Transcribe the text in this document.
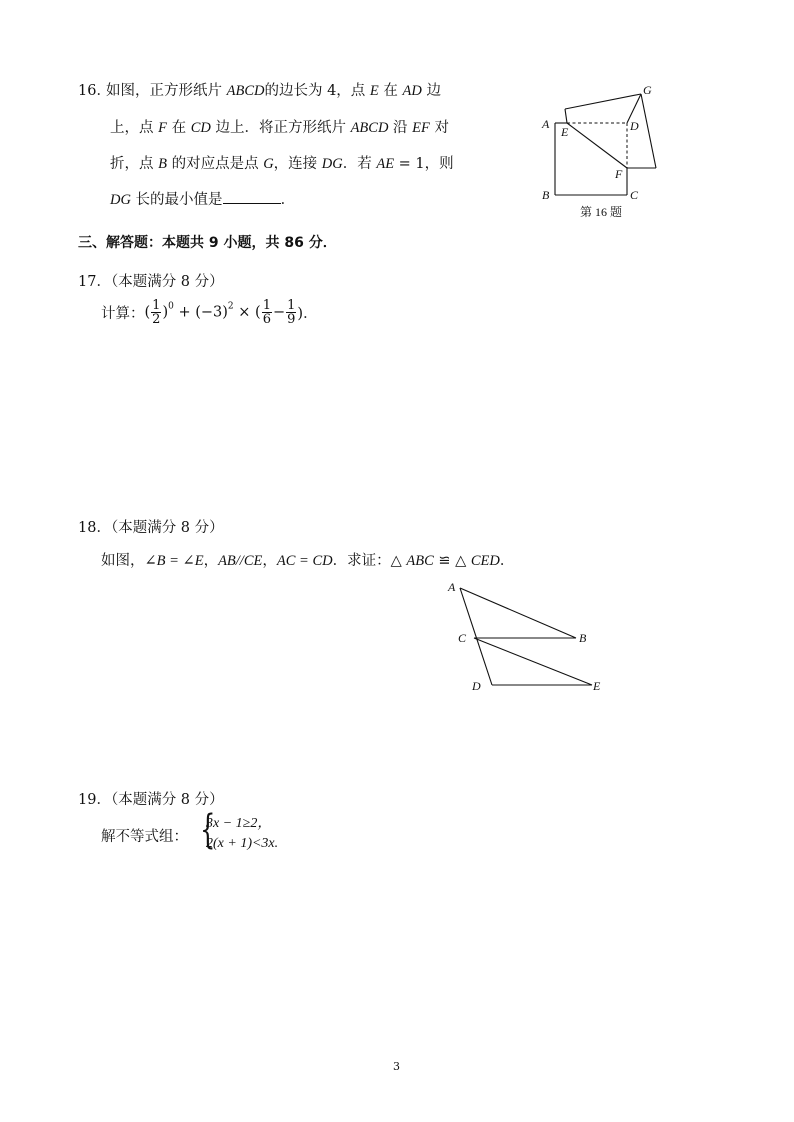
16．
如图，正方形纸片 ABCD的边长为 4，点 E 在 AD 边
上，点 F 在 CD 边上．将正方形纸片 ABCD 沿 EF 对
折，点 B 的对应点是点 G，连接 DG．若 AE = 1，则
DG 长的最小值是	．
A
E	D
G
F
B	C
第 16 题
三、解答题：本题共 9 小题，共 86 分．
17．（本题满分 8 分）
计算：( $\frac{1}{2} )^0 + (-3)^2$ × ( $\frac{1}{6} - \frac{1}{9}$ )．
18．（本题满分 8 分）
如图，∠B = ∠E，AB//CE，AC = CD．求证：△ ABC ≌ △ CED．
A
C	B
D	E
19．（本题满分 8 分）
解不等式组： {
3x − 1≥2，
2(x + 1)<3x.
3
